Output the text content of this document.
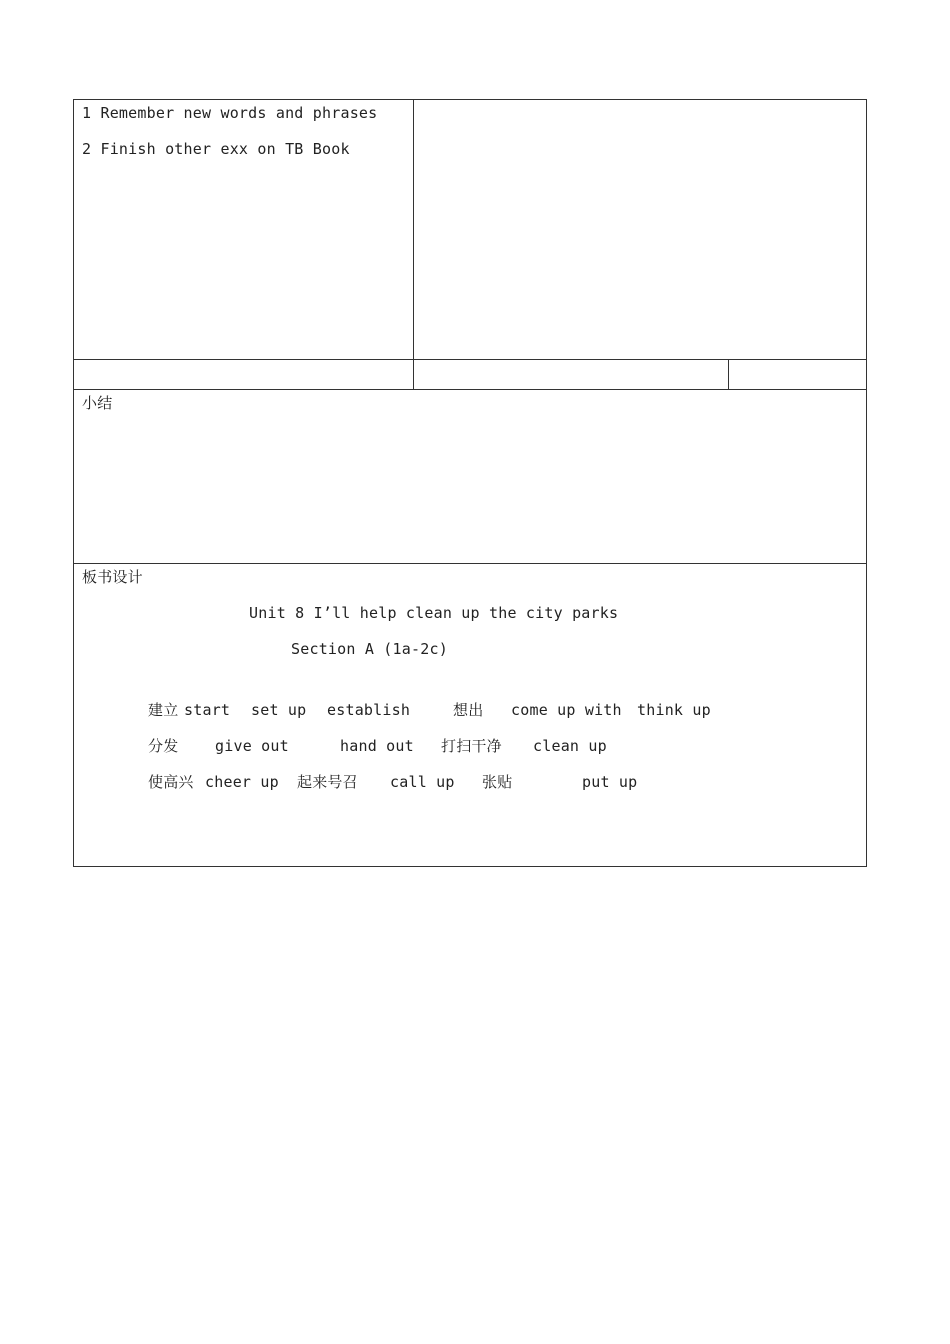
1 Remember new words and phrases
2 Finish other exx on TB Book
小结
板书设计
Unit 8 I’ll help clean up the city parks
Section A (1a-2c)
建立 start set up establish	想出 come up with think up
分发 give out	hand out 打扫干净 clean up
使高兴 cheer up 起来号召 call up 张贴	put up
